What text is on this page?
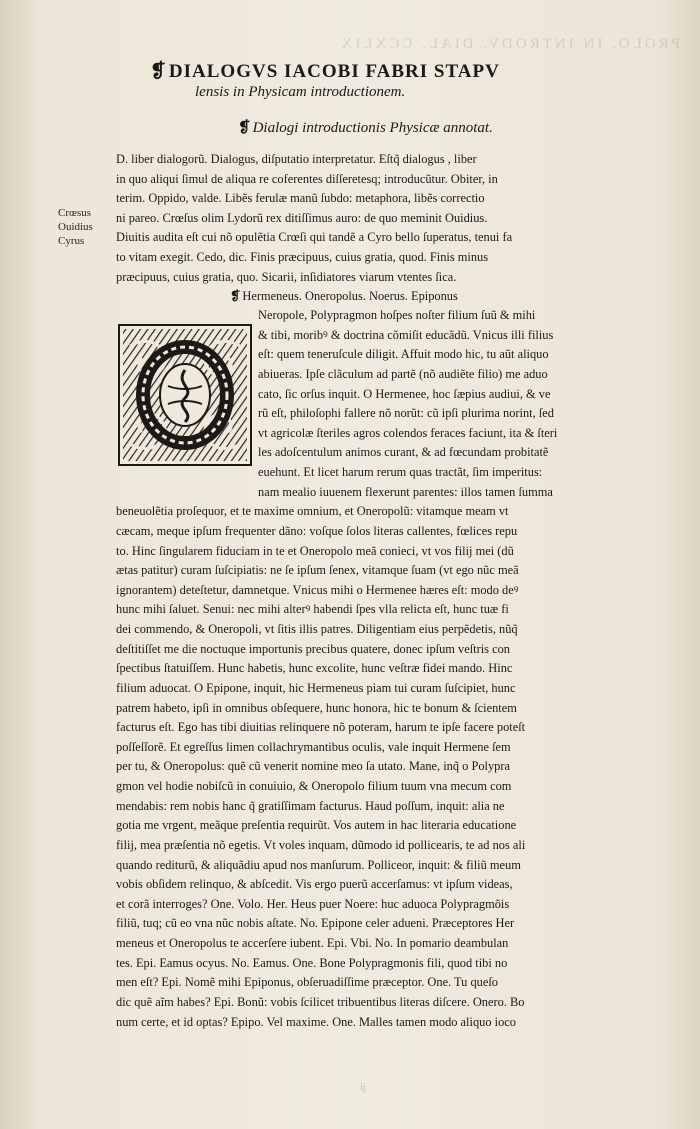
PROLO. IN INTRODV. DIAL. CCXLIX
❡ DIALOGVS IACOBI FABRI STAPV
lensis in Physicam introductionem.
❡ Dialogi introductionis Physicæ annotat.
Crœsus
Ouidius
Cyrus
D. liber dialogorũ. Dialogus, diſputatio interpretatur. Eſtq̃ dialogus , liber
in quo aliqui ſimul de aliqua re coferentes diſſeretesq; introducũtur. Obiter, in
terim. Oppido, valde. Libẽs ferulæ manũ ſubdo: metaphora, libẽs correctio
ni pareo. Crœſus olim Lydorũ rex ditiſſimus auro: de quo meminit Ouidius.
Diuitis audita eſt cui nõ opulẽtia Crœſi qui tandẽ a Cyro bello ſuperatus, tenui fa
to vitam exegit. Cedo, dic. Finis præcipuus, cuius gratia, quod. Finis minus
præcipuus, cuius gratia, quo. Sicarii, inſidiatores viarum vtentes ſica.
❡ Hermeneus. Oneropolus. Noerus. Epiponus
Neropole, Polypragmon hoſpes noſter filium ſuũ & mihi
& tibi, moribꝰ & doctrina cõmiſit educãdũ. Vnicus illi filius
eſt: quem teneruſcule diligit. Affuit modo hic, tu aũt aliquo
abiueras. Ipſe clãculum ad partẽ (nõ audiẽte filio) me aduo
cato, ſic orſus inquit. O Hermenee, hoc ſæpius audiui, & ve
rũ eſt, philoſophi fallere nõ norũt: cũ ipſi plurima norint, ſed
vt agricolæ ſteriles agros colendos feraces faciunt, ita & ſteri
les adoſcentulum animos curant, & ad fœcundam probitatẽ
euehunt. Et licet harum rerum quas tractãt, ſim imperitus:
nam mealio iuuenem flexerunt parentes: illos tamen ſumma
beneuolẽtia proſequor, et te maxime omnium, et Oneropolũ: vitamque meam vt
cæcam, meque ipſum frequenter dãno: voſque ſolos literas callentes, fœlices repu
to. Hinc ſingularem fiduciam in te et Oneropolo meã conieci, vt vos filij mei (dũ
ætas patitur) curam ſuſcipiatis: ne ſe ipſum ſenex, vitamque ſuam (vt ego nũc meã
ignorantem) deteſtetur, damnetque. Vnicus mihi o Hermenee hæres eſt: modo deꝰ
hunc mihi ſaluet. Senui: nec mihi alterꝰ habendi ſpes vlla relicta eſt, hunc tuæ fi
dei commendo, & Oneropoli, vt ſitis illis patres. Diligentiam eius perpẽdetis, nũq̃
deſtitiſſet me die noctuque importunis precibus quatere, donec ipſum veſtris con
ſpectibus ſtatuiſſem. Hunc habetis, hunc excolite, hunc veſtræ fidei mando. Hinc
filium aduocat. O Epipone, inquit, hic Hermeneus piam tui curam ſuſcipiet, hunc
patrem habeto, ipſi in omnibus obſequere, hunc honora, hic te bonum & ſcientem
facturus eſt. Ego has tibi diuitias relinquere nõ poteram, harum te ipſe facere poteſt
poſſeſſorẽ. Et egreſſus limen collachrymantibus oculis, vale inquit Hermene ſem
per tu, & Oneropolus: quẽ cũ venerit nomine meo ſa utato. Mane, inq̃ o Polypra
gmon vel hodie nobiſcũ in conuiuio, & Oneropolo filium tuum vna mecum com
mendabis: rem nobis hanc q̃ gratiſſimam facturus. Haud poſſum, inquit: alia ne
gotia me vrgent, meãque preſentia requirũt. Vos autem in hac literaria educatione
filij, mea præſentia nõ egetis. Vt voles inquam, dũmodo id pollicearis, te ad nos ali
quando rediturũ, & aliquãdiu apud nos manſurum. Polliceor, inquit: & filiũ meum
vobis obſidem relinquo, & abſcedit. Vis ergo puerũ accerſamus: vt ipſum videas,
et corã interroges? One. Volo. Her. Heus puer Noere: huc aduoca Polypragmõis
filiũ, tuq; cũ eo vna nũc nobis aſtate. No. Epipone celer adueni. Præceptores Her
meneus et Oneropolus te accerſere iubent. Epi. Vbi. No. In pomario deambulan
tes. Epi. Eamus ocyus. No. Eamus. One. Bone Polypragmonis fili, quod tibi no
men eſt? Epi. Nomẽ mihi Epiponus, obſeruadiſſime præceptor. One. Tu queſo
dic quẽ aĩm habes? Epi. Bonũ: vobis ſcilicet tribuentibus literas diſcere. Onero. Bo
num certe, et id optas? Epipo. Vel maxime. One. Malles tamen modo aliquo ioco
ij
